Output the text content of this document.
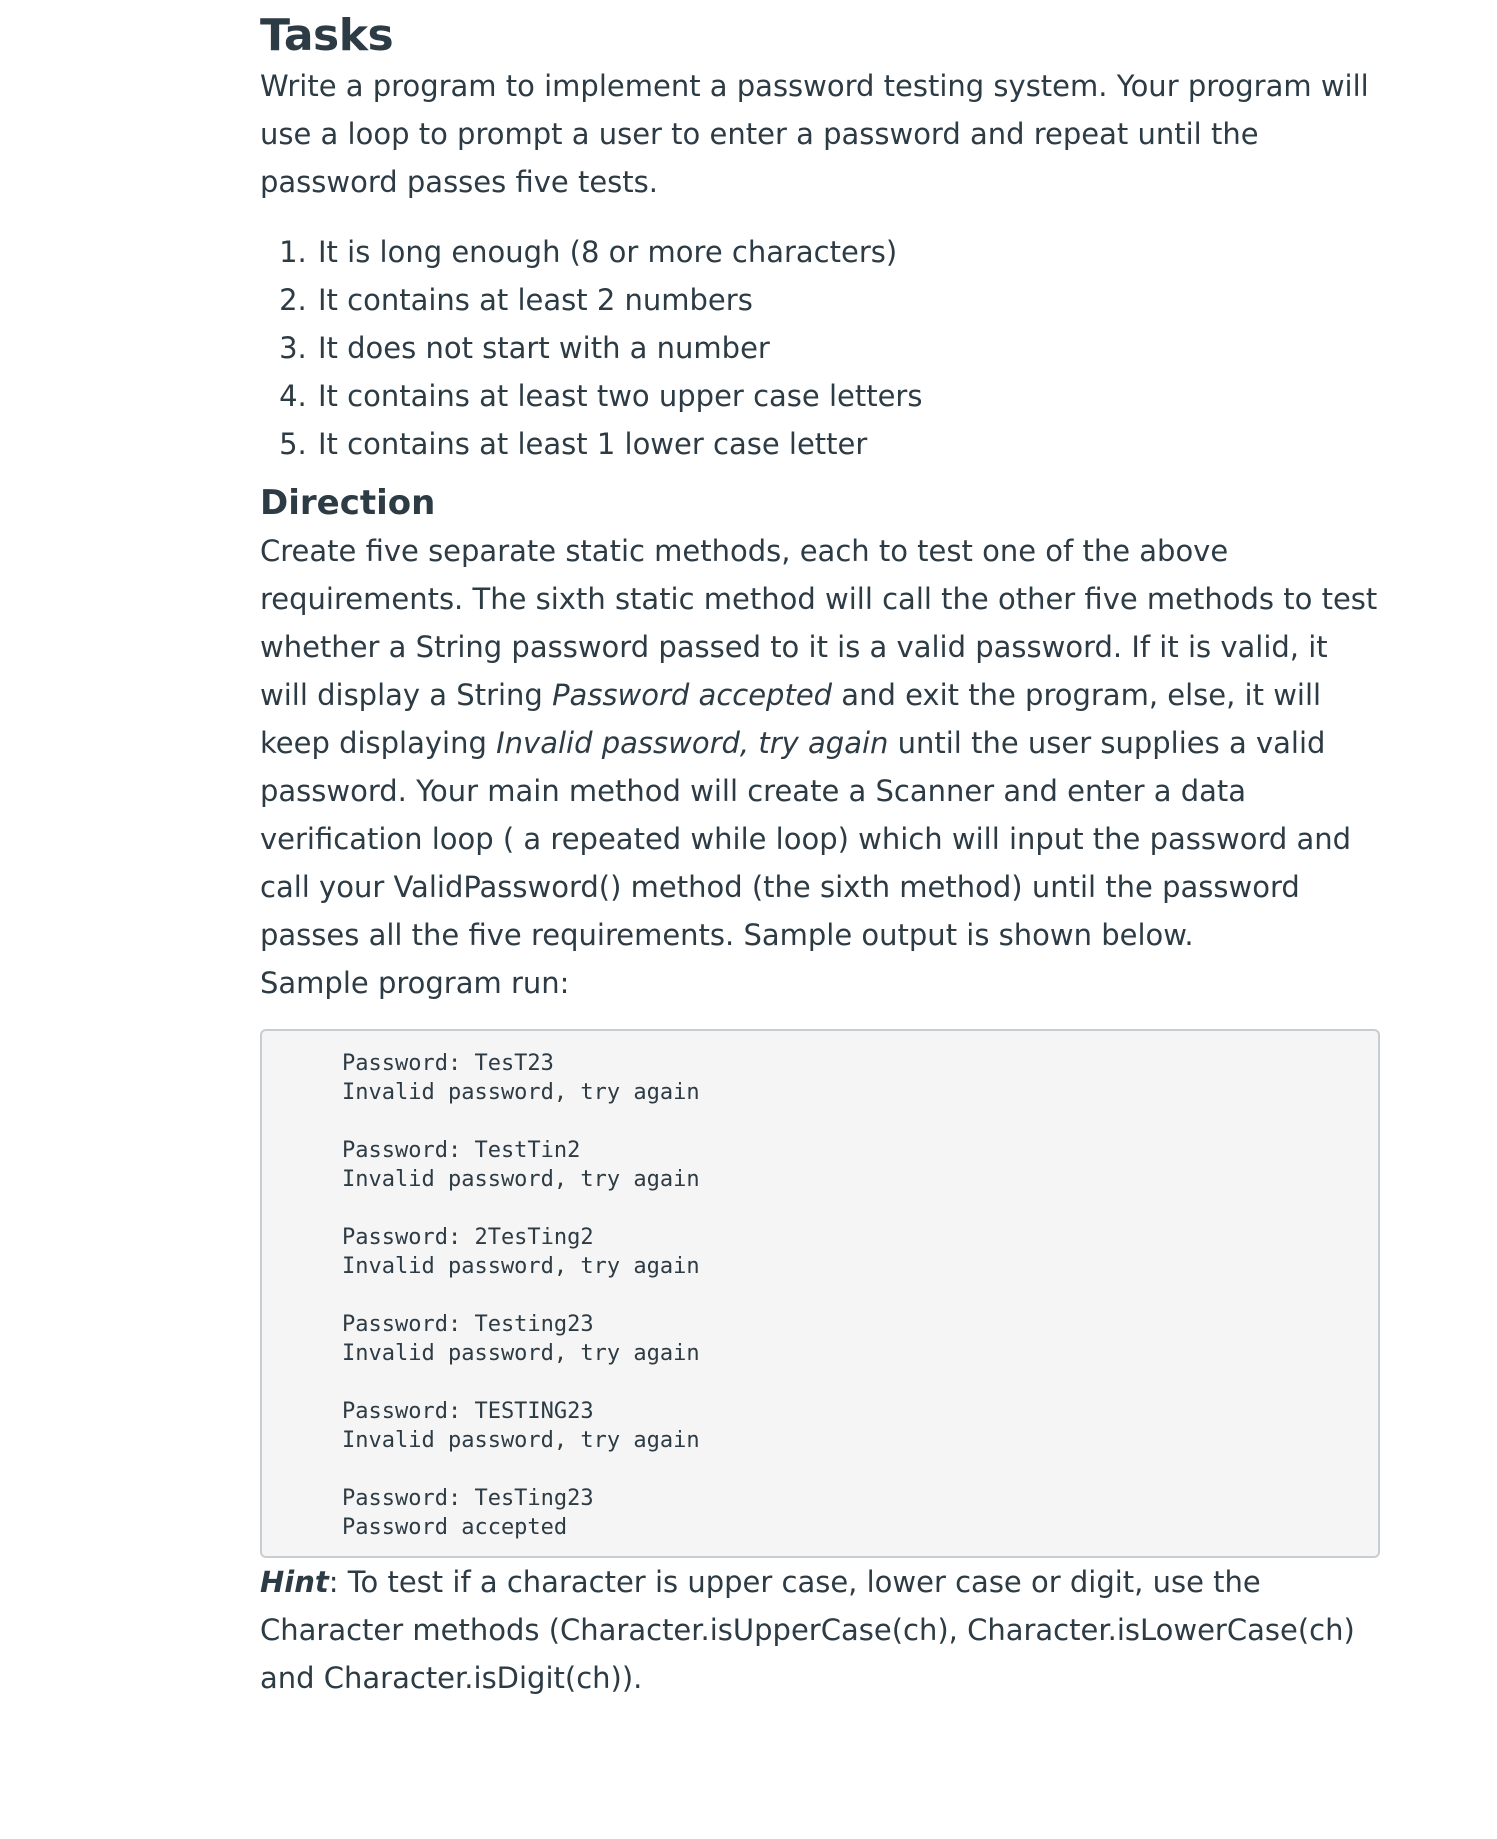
Tasks

Write a program to implement a password testing system. Your program will use a loop to prompt a user to enter a password and repeat until the password passes five tests.

1. It is long enough (8 or more characters)
2. It contains at least 2 numbers
3. It does not start with a number
4. It contains at least two upper case letters
5. It contains at least 1 lower case letter
Direction

Create five separate static methods, each to test one of the above requirements. The sixth static method will call the other five methods to test whether a String password passed to it is a valid password. If it is valid, it will display a String Password accepted and exit the program, else, it will keep displaying Invalid password, try again until the user supplies a valid password. Your main method will create a Scanner and enter a data verification loop ( a repeated while loop) which will input the password and call your ValidPassword() method (the sixth method) until the password passes all the five requirements. Sample output is shown below.

Sample program run:

Password: TesT23
Invalid password, try again
Password: TestTin2
Invalid password, try again
Password: 2TesTing2
Invalid password, try again
Password: Testing23
Invalid password, try again
Password: TESTING23
Invalid password, try again
Password: TesTing23
Password accepted

Hint: To test if a character is upper case, lower case or digit, use the Character methods (Character.isUpperCase(ch), Character.isLowerCase(ch) and Character.isDigit(ch)).
